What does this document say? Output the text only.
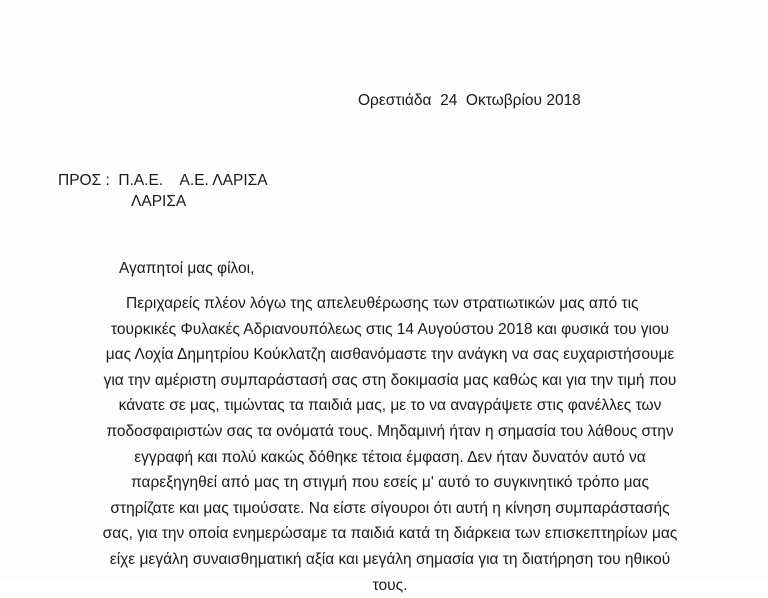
Ορεστιάδα  24  Οκτωβρίου 2018
ΠΡΟΣ :  Π.Α.Ε.    Α.Ε. ΛΑΡΙΣΑ
ΛΑΡΙΣΑ
Αγαπητοί μας φίλοι,
Περιχαρείς πλέον λόγω της απελευθέρωσης των στρατιωτικών μας από τις
τουρκικές Φυλακές Αδριανουπόλεως στις 14 Αυγούστου 2018 και φυσικά του γιου
μας Λοχία Δημητρίου Κούκλατζη αισθανόμαστε την ανάγκη να σας ευχαριστήσουμε
για την αμέριστη συμπαράστασή σας στη δοκιμασία μας καθώς και για την τιμή που
κάνατε σε μας, τιμώντας τα παιδιά μας, με το να αναγράψετε στις φανέλλες των
ποδοσφαιριστών σας τα ονόματά τους. Μηδαμινή ήταν η σημασία του λάθους στην
εγγραφή και πολύ κακώς δόθηκε τέτοια έμφαση. Δεν ήταν δυνατόν αυτό να
παρεξηγηθεί από μας τη στιγμή που εσείς μ' αυτό το συγκινητικό τρόπο μας
στηρίζατε και μας τιμούσατε. Να είστε σίγουροι ότι αυτή η κίνηση συμπαράστασής
σας, για την οποία ενημερώσαμε τα παιδιά κατά τη διάρκεια των επισκεπτηρίων μας
είχε μεγάλη συναισθηματική αξία και μεγάλη σημασία για τη διατήρηση του ηθικού
τους.
